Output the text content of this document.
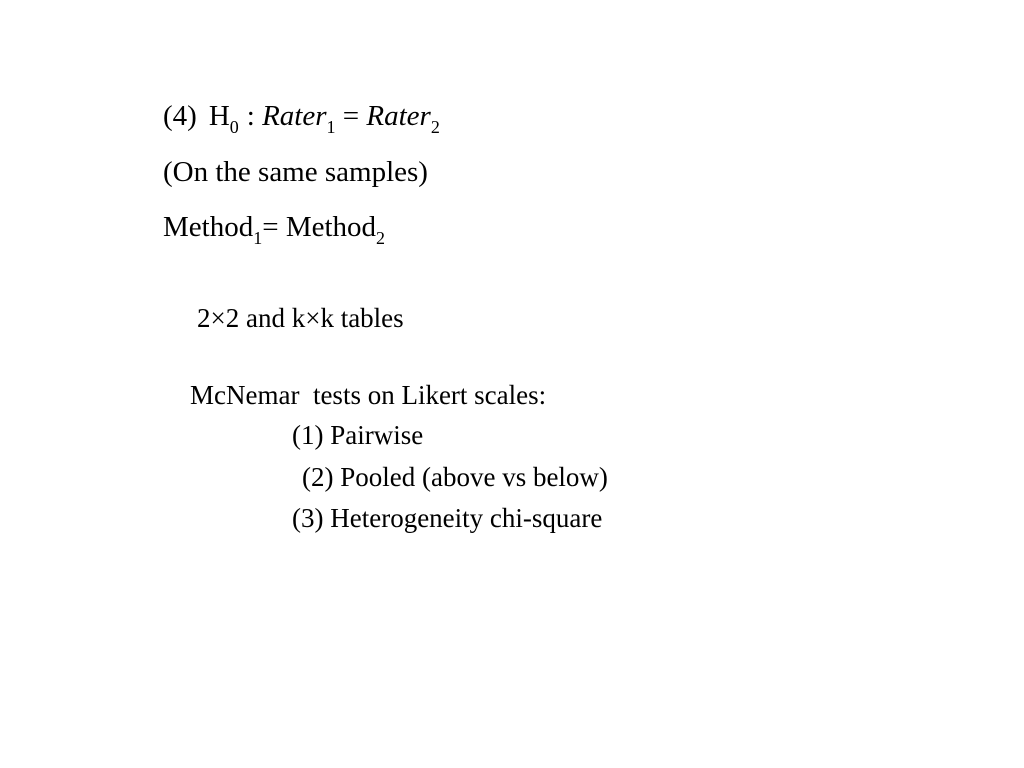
(4) $H_0$ : Rater$_1$ = Rater$_2$
(On the same samples)
Method$_1$= Method$_2$
2×2 and k×k tables
McNemar  tests on Likert scales:
(1) Pairwise
(2) Pooled (above vs below)
(3) Heterogeneity chi-square
